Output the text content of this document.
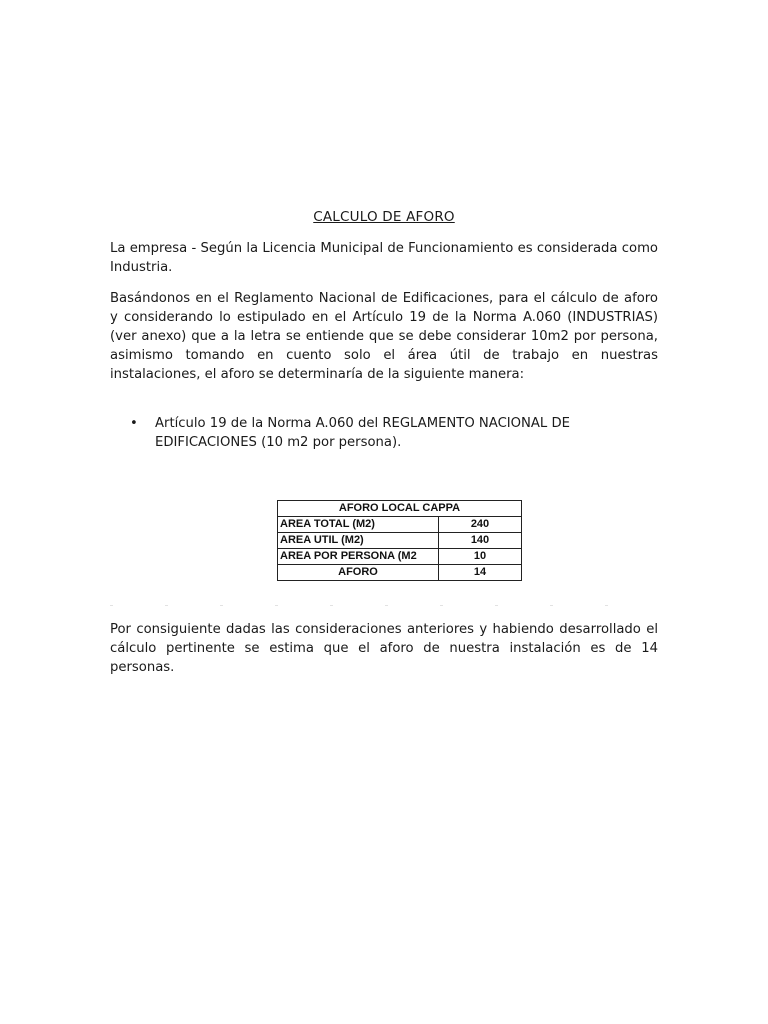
CALCULO DE AFORO

La empresa - Según la Licencia Municipal de Funcionamiento es considerada como Industria.

Basándonos en el Reglamento Nacional de Edificaciones, para el cálculo de aforo y considerando lo estipulado en el Artículo 19 de la Norma A.060 (INDUSTRIAS) (ver anexo) que a la letra se entiende que se debe considerar 10m2 por persona, asimismo tomando en cuento solo el área útil de trabajo en nuestras instalaciones, el aforo se determinaría de la siguiente manera:

• Artículo 19 de la Norma A.060 del REGLAMENTO NACIONAL DE EDIFICACIONES (10 m2 por persona).
AFORO LOCAL CAPPA	
AREA TOTAL (M2)	240
AREA UTIL (M2)	140
AREA POR PERSONA (M2	10
AFORO	14

Por consiguiente dadas las consideraciones anteriores y habiendo desarrollado el cálculo pertinente se estima que el aforo de nuestra instalación es de 14 personas.
